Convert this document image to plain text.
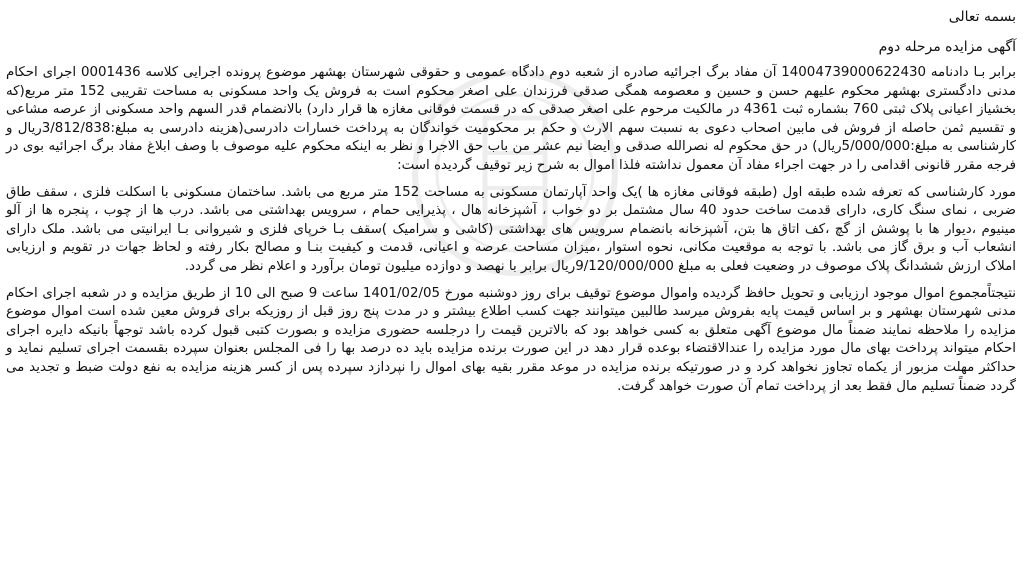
بسمه تعالی
آگهی مزایده مرحله دوم

برابر بـا دادنامه 14004739000622430 آن مفاد برگ اجرائیه صادره از شعبه دوم دادگاه عمومی و حقوقی شهرستان بهشهر موضوع پرونده اجرایی کلاسه 0001436 اجرای احکام مدنی دادگستری بهشهر محکوم علیهم حسن و حسین و معصومه همگی صدقی فرزندان علی اصغر محکوم است به فروش یک واحد مسکونی به مساحت تقریبی 152 متر مربع(که بخشیاز اعیانی پلاک ثبتی 760 بشماره ثبت 4361 در مالکیت مرحوم علی اصغر صدقی که در قسمت فوقانی مغازه ها قرار دارد) بالانضمام قدر السهم واحد مسکونی از عرصه مشاعی و تقسیم ثمن حاصله از فروش فی مابین اصحاب دعوی به نسبت سهم الارث و حکم بر محکومیت خواندگان به پرداخت خسارات دادرسی(هزینه دادرسی به مبلغ:3/812/838ریال و کارشناسی به مبلغ:5/000/000ریال) در حق محکوم له نصرالله صدقی و ایضا نیم عشر من باب حق الاجرا و نظر به اینکه محکوم علیه موصوف با وصف ابلاغ مفاد برگ اجرائیه بوی در فرجه مقرر قانونی اقدامی را در جهت اجراء مفاد آن معمول نداشته فلذا اموال به شرح زیر توقیف گردیده است:

مورد کارشناسی که تعرفه شده طبقه اول (طبقه فوقانی مغازه ها )یک واحد آپارتمان مسکونی به مساحت 152 متر مربع می باشد. ساختمان مسکونی با اسکلت فلزی ، سقف طاق ضربی ، نمای سنگ کاری، دارای قدمت ساخت حدود 40 سال مشتمل بر دو خواب ، آشپزخانه هال ، پذیرایی حمام ، سرویس بهداشتی می باشد. درب ها از چوب ، پنجره ها از آلو مینیوم ،دیوار ها با پوشش از گچ ،کف اتاق ها بتن، آشپزخانه بانضمام سرویس های بهداشتی (کاشی و سرامیک )سقف بـا خرپای فلزی و شیروانی بـا ایرانیتی می باشد. ملک دارای انشعاب آب و برق گاز می باشد. با توجه به موقعیت مکانی، نحوه استوار ،میزان مساحت عرصه و اعیانی، قدمت و کیفیت بنـا و مصالح بکار رفته و لحاظ جهات در تقویم و ارزیابی املاک ارزش ششدانگ پلاک موصوف در وضعیت فعلی به مبلغ 9/120/000/000ریال برابر با نهصد و دوازده میلیون تومان برآورد و اعلام نظر می گردد.

نتیجتاًمجموع اموال موجود ارزیابی و تحویل حافظ گردیده واموال موضوع توقیف برای روز دوشنبه مورخ 1401/02/05 ساعت 9 صبح الی 10 از طریق مزایده و در شعبه اجرای احکام مدنی شهرستان بهشهر و بر اساس قیمت پایه بفروش میرسد طالبین میتوانند جهت کسب اطلاع بیشتر و در مدت پنج روز قبل از روزیکه برای فروش معین شده است اموال موضوع مزایده را ملاحظه نمایند ضمناً مال موضوع آگهی متعلق به کسی خواهد بود که بالاترین قیمت را درجلسه حضوری مزایده و بصورت کتبی قبول کرده باشد توجهاً بانیکه دایره اجرای احکام میتواند پرداخت بهای مال مورد مزایده را عندالاقتضاء بوعده قرار دهد در این صورت برنده مزایده باید ده درصد بها را فی المجلس بعنوان سپرده بقسمت اجرای تسلیم نماید و حداکثر مهلت مزبور از یکماه تجاوز نخواهد کرد و در صورتیکه برنده مزایده در موعد مقرر بقیه بهای اموال را نپردازد سپرده پس از کسر هزینه مزایده به نفع دولت ضبط و تجدید می گردد ضمناً تسلیم مال فقط بعد از پرداخت تمام آن صورت خواهد گرفت.
